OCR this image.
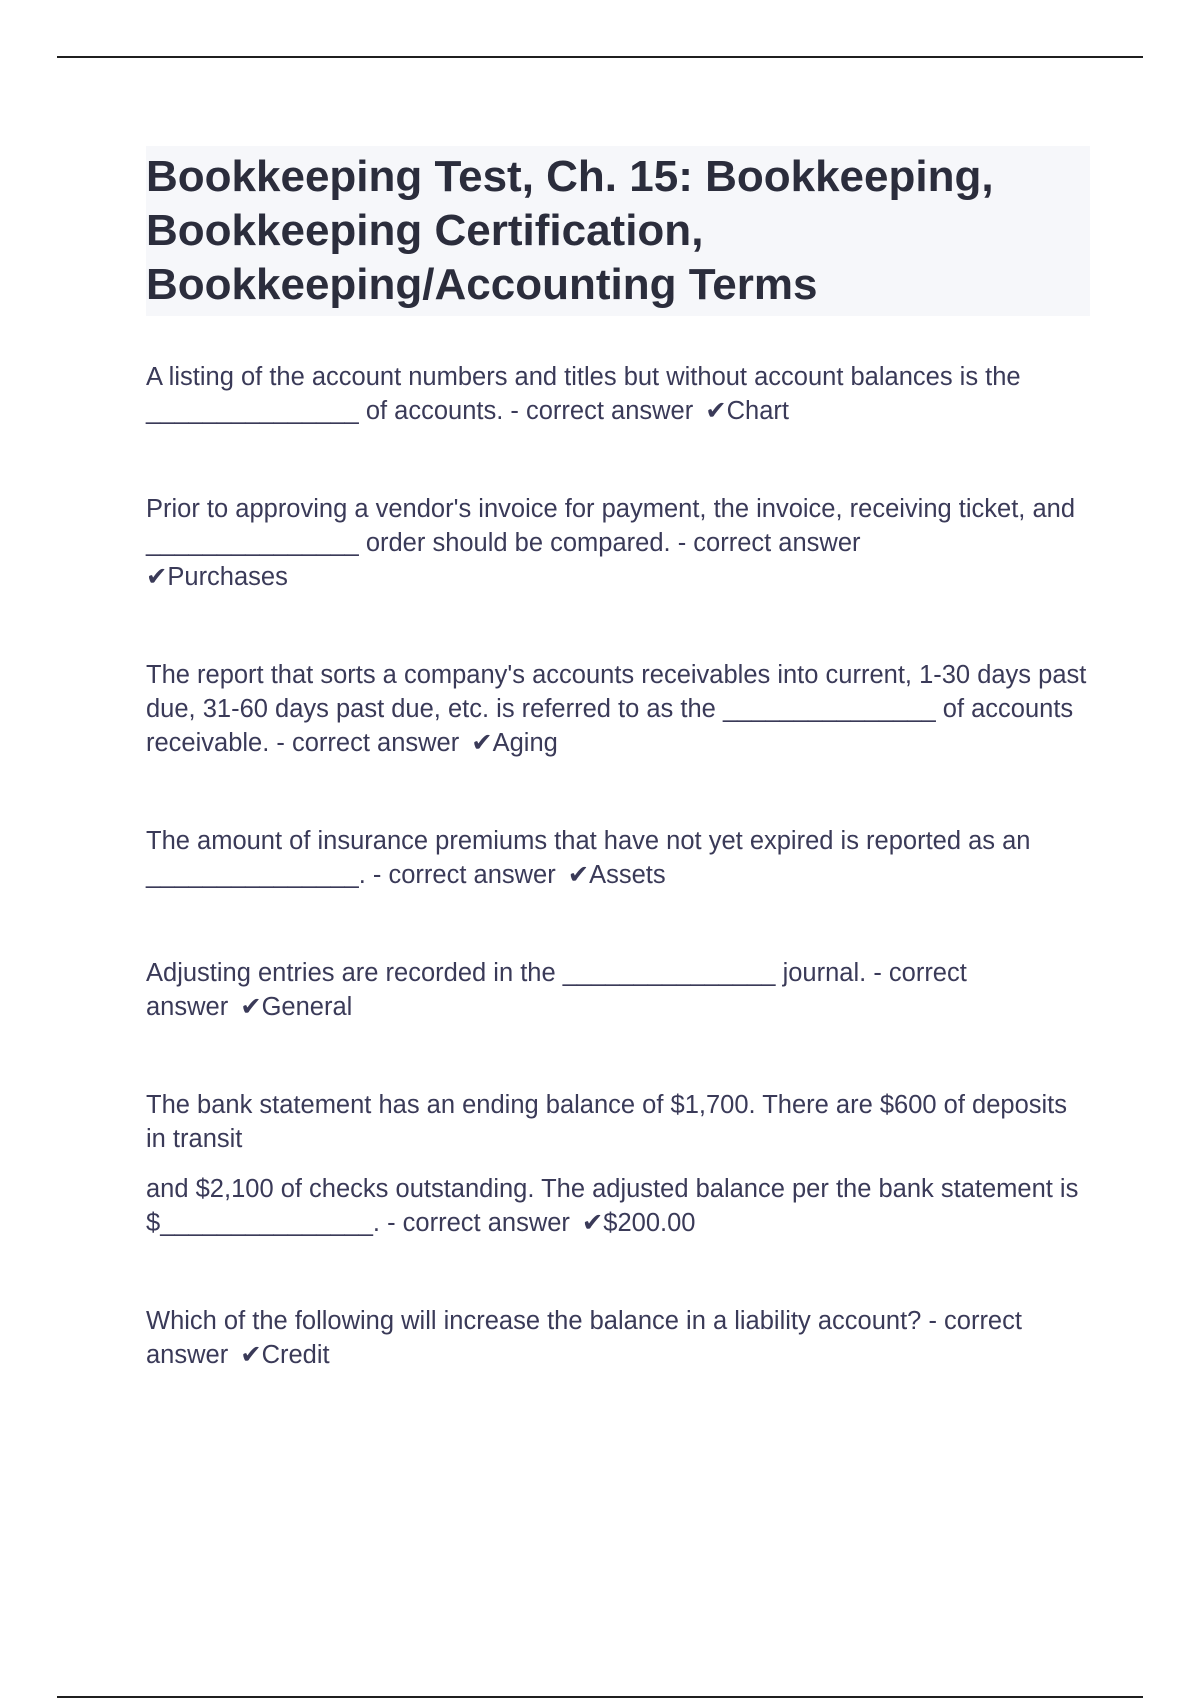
Bookkeeping Test, Ch. 15: Bookkeeping, Bookkeeping Certification, Bookkeeping/Accounting Terms

A listing of the account numbers and titles but without account balances is the _______________ of accounts. - correct answer ✔Chart

Prior to approving a vendor's invoice for payment, the invoice, receiving ticket, and _______________ order should be compared. - correct answer
✔Purchases

The report that sorts a company's accounts receivables into current, 1-30 days past due, 31-60 days past due, etc. is referred to as the _______________ of accounts receivable. - correct answer ✔Aging

The amount of insurance premiums that have not yet expired is reported as an _______________. - correct answer ✔Assets

Adjusting entries are recorded in the _______________ journal. - correct answer ✔General

The bank statement has an ending balance of $1,700. There are $600 of deposits in transit

and $2,100 of checks outstanding. The adjusted balance per the bank statement is $_______________. - correct answer ✔$200.00

Which of the following will increase the balance in a liability account? - correct answer ✔Credit
